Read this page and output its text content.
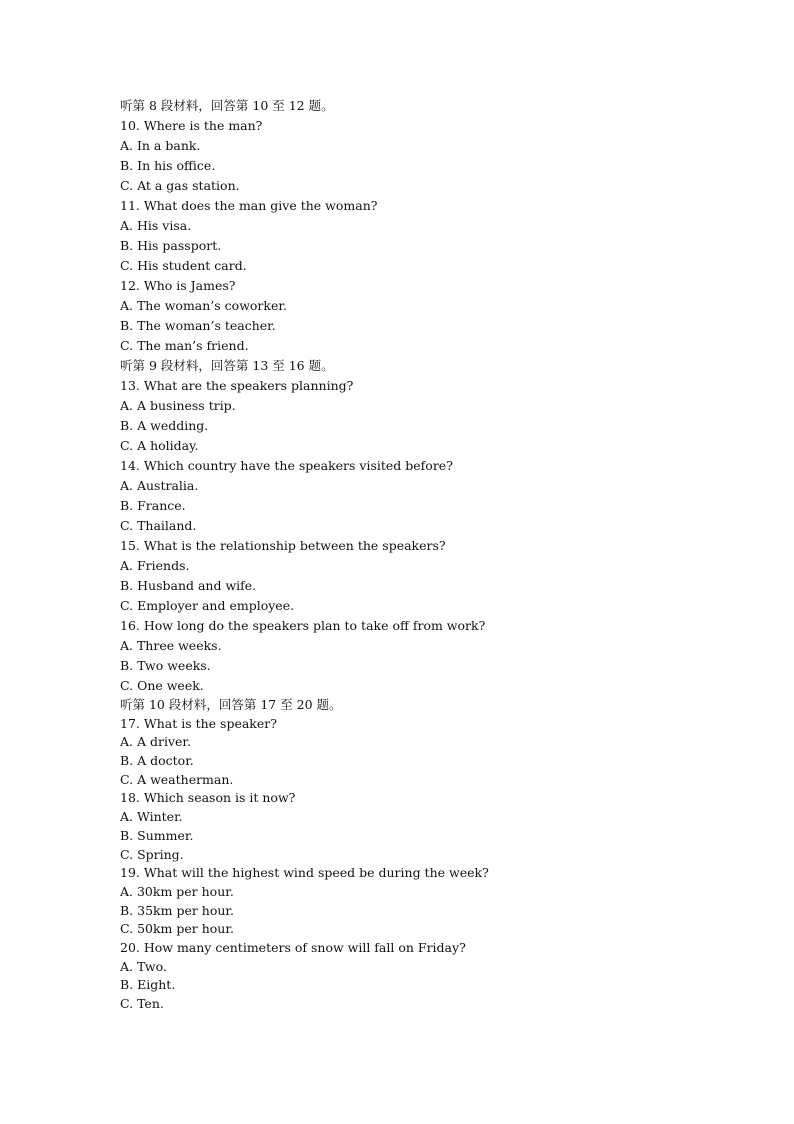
听第 8 段材料，回答第 10 至 12 题。
10. Where is the man?
A. In a bank.
B. In his office.
C. At a gas station.
11. What does the man give the woman?
A. His visa.
B. His passport.
C. His student card.
12. Who is James?
A. The woman’s coworker.
B. The woman’s teacher.
C. The man’s friend.
听第 9 段材料，回答第 13 至 16 题。
13. What are the speakers planning?
A. A business trip.
B. A wedding.
C. A holiday.
14. Which country have the speakers visited before?
A. Australia.
B. France.
C. Thailand.
15. What is the relationship between the speakers?
A. Friends.
B. Husband and wife.
C. Employer and employee.
16. How long do the speakers plan to take off from work?
A. Three weeks.
B. Two weeks.
C. One week.
听第 10 段材料，回答第 17 至 20 题。
17. What is the speaker?
A. A driver.
B. A doctor.
C. A weatherman.
18. Which season is it now?
A. Winter.
B. Summer.
C. Spring.
19. What will the highest wind speed be during the week?
A. 30km per hour.
B. 35km per hour.
C. 50km per hour.
20. How many centimeters of snow will fall on Friday?
A. Two.
B. Eight.
C. Ten.
